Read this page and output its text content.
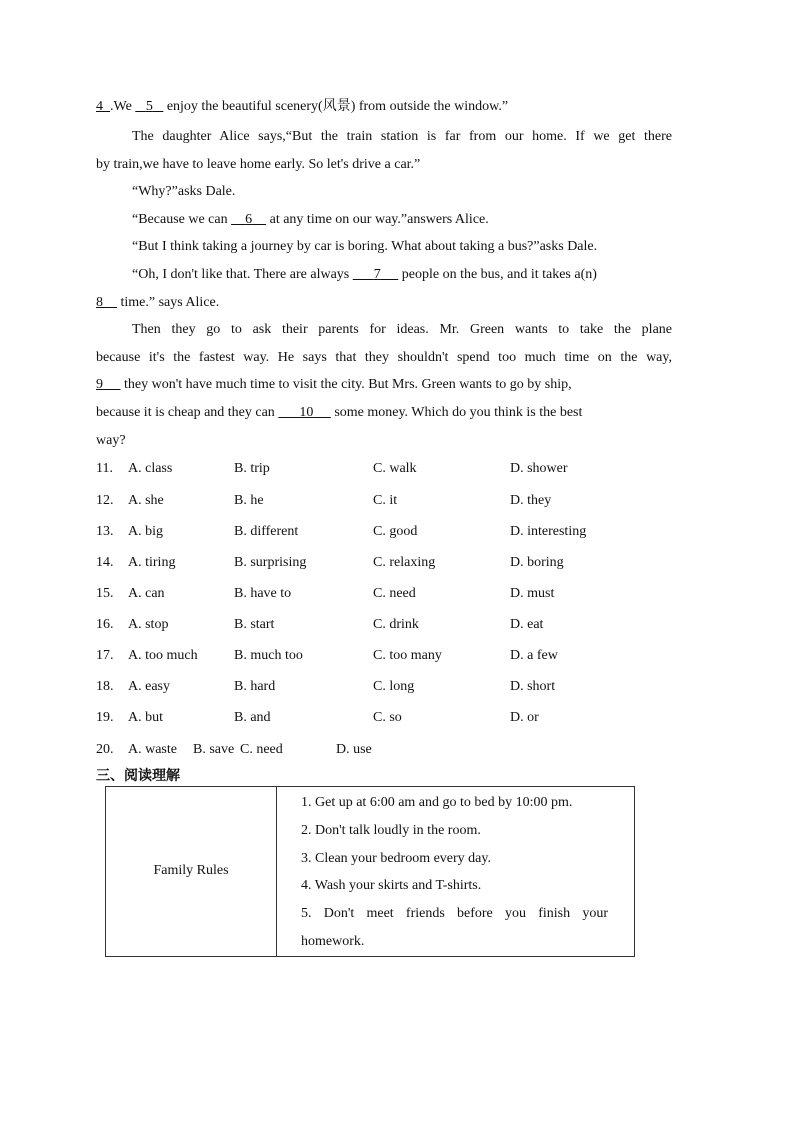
4 .We    5    enjoy the beautiful scenery(风景) from outside the window.”
The daughter Alice says,“But the train station is far from our home. If we get there
by train,we have to leave home early. So let's drive a car.”
“Why?”asks Dale.
“Because we can     6     at any time on our way.”answers Alice.
“But I think taking a journey by car is boring. What about taking a bus?”asks Dale.
“Oh, I don't like that. There are always       7      people on the bus, and it takes a(n)
8     time.” says Alice.
Then they go to ask their parents for ideas. Mr. Green wants to take the plane
because it's the fastest way. He says that they shouldn't spend too much time on the way,
9      they won't have much time to visit the city. But Mrs. Green wants to go by ship,
because it is cheap and they can       10      some money. Which do you think is the best
way?
11. A. class	B. trip	C. walk	D. shower
12. A. she	B. he	C. it	D. they
13. A. big	B. different	C. good	D. interesting
14. A. tiring	B. surprising	C. relaxing	D. boring
15. A. can	B. have to	C. need	D. must
16. A. stop	B. start	C. drink	D. eat
17. A. too much	B. much too	C. too many	D. a few
18. A. easy	B. hard	C. long	D. short
19. A. but	B. and	C. so	D. or
20. A. waste B. save C. need	D. use
三、阅读理解
Family Rules	
1. Get up at 6:00 am and go to bed by 10:00 pm.
2. Don't talk loudly in the room.
3. Clean your bedroom every day.
4. Wash your skirts and T-shirts.
5. Don't meet friends before you finish your
homework.
